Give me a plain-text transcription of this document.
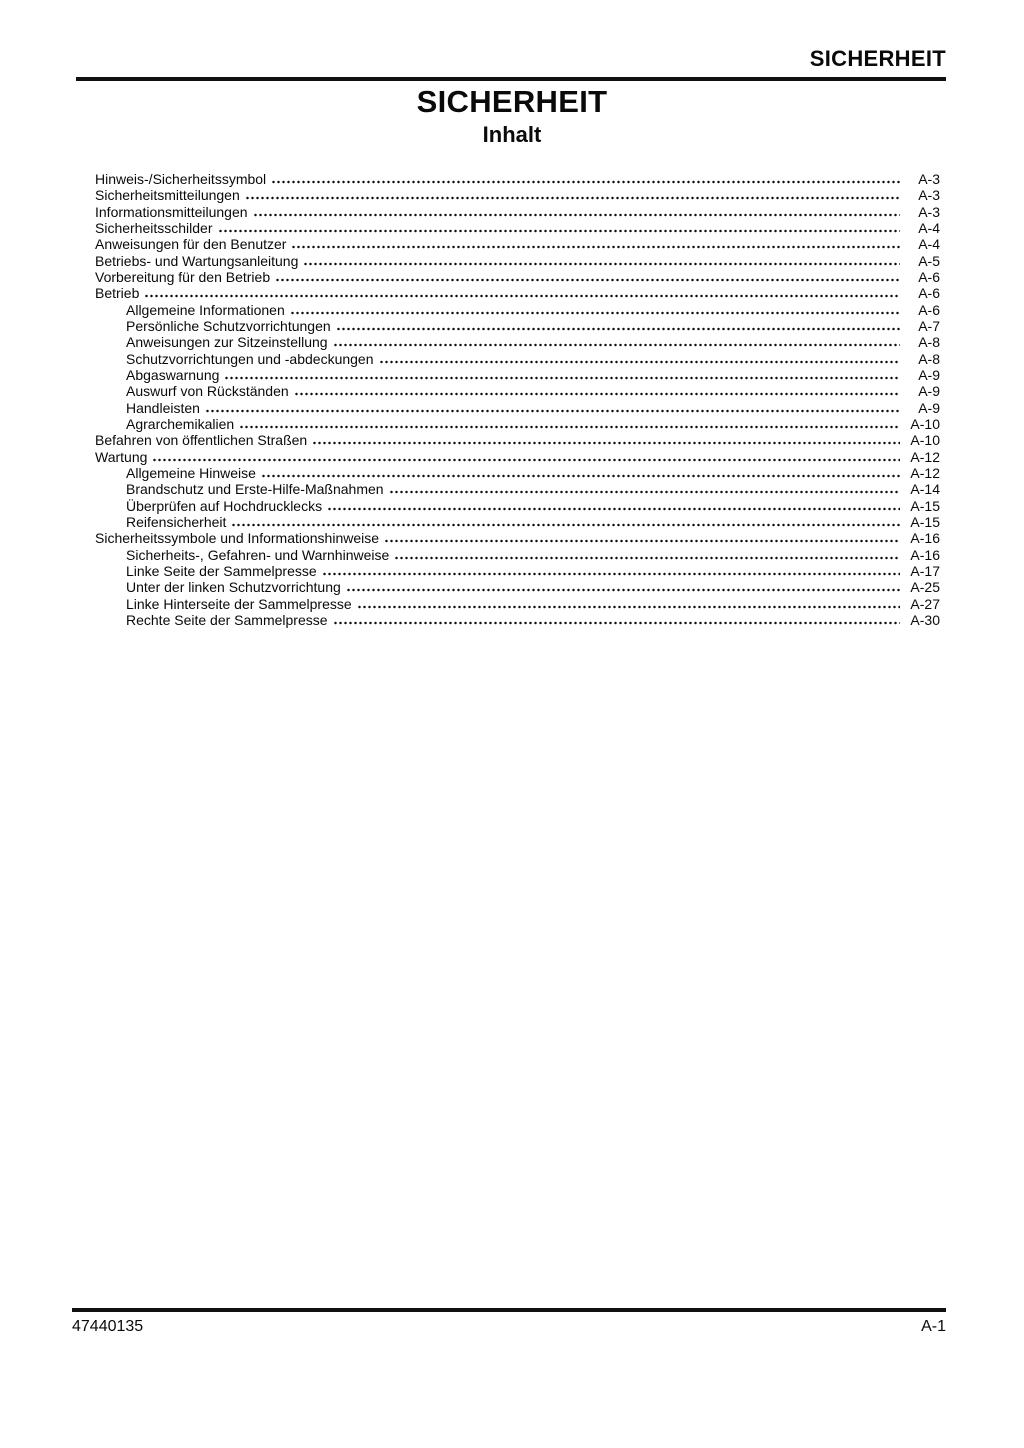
SICHERHEIT
SICHERHEIT
Inhalt
Hinweis-/Sicherheitssymbol	A-3
Sicherheitsmitteilungen	A-3
Informationsmitteilungen	A-3
Sicherheitsschilder	A-4
Anweisungen für den Benutzer	A-4
Betriebs- und Wartungsanleitung	A-5
Vorbereitung für den Betrieb	A-6
Betrieb	A-6
Allgemeine Informationen	A-6
Persönliche Schutzvorrichtungen	A-7
Anweisungen zur Sitzeinstellung	A-8
Schutzvorrichtungen und -abdeckungen	A-8
Abgaswarnung	A-9
Auswurf von Rückständen	A-9
Handleisten	A-9
Agrarchemikalien	A-10
Befahren von öffentlichen Straßen	A-10
Wartung	A-12
Allgemeine Hinweise	A-12
Brandschutz und Erste-Hilfe-Maßnahmen	A-14
Überprüfen auf Hochdrucklecks	A-15
Reifensicherheit	A-15
Sicherheitssymbole und Informationshinweise	A-16
Sicherheits-, Gefahren- und Warnhinweise	A-16
Linke Seite der Sammelpresse	A-17
Unter der linken Schutzvorrichtung	A-25
Linke Hinterseite der Sammelpresse	A-27
Rechte Seite der Sammelpresse	A-30
47440135	A-1
